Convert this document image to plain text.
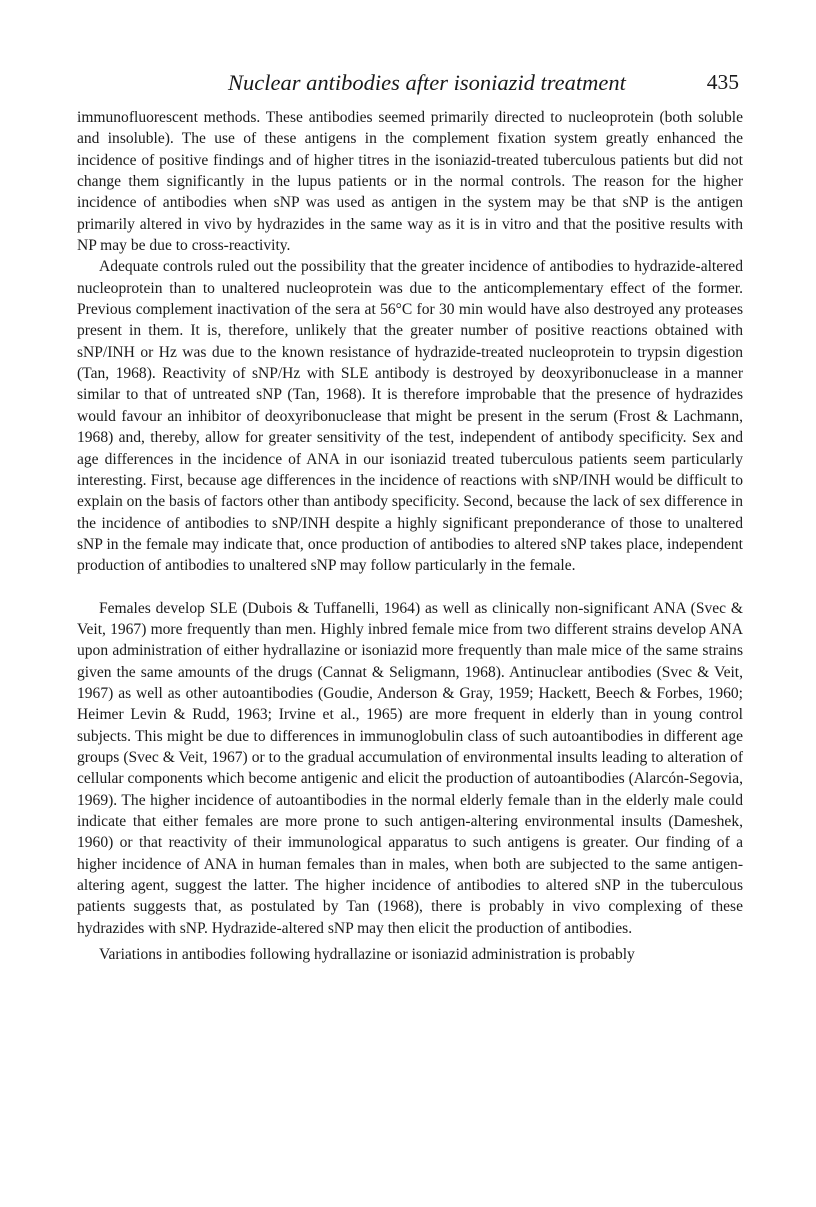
Nuclear antibodies after isoniazid treatment	435

immunofluorescent methods. These antibodies seemed primarily directed to nucleoprotein (both soluble and insoluble). The use of these antigens in the complement fixation system greatly enhanced the incidence of positive findings and of higher titres in the isoniazid-treated tuberculous patients but did not change them significantly in the lupus patients or in the normal controls. The reason for the higher incidence of antibodies when sNP was used as antigen in the system may be that sNP is the antigen primarily altered in vivo by hydrazides in the same way as it is in vitro and that the positive results with NP may be due to cross-reactivity.

Adequate controls ruled out the possibility that the greater incidence of antibodies to hydrazide-altered nucleoprotein than to unaltered nucleoprotein was due to the anticomplementary effect of the former. Previous complement inactivation of the sera at 56°C for 30 min would have also destroyed any proteases present in them. It is, therefore, unlikely that the greater number of positive reactions obtained with sNP/INH or Hz was due to the known resistance of hydrazide-treated nucleoprotein to trypsin digestion (Tan, 1968). Reactivity of sNP/Hz with SLE antibody is destroyed by deoxyribonuclease in a manner similar to that of untreated sNP (Tan, 1968). It is therefore improbable that the presence of hydrazides would favour an inhibitor of deoxyribonuclease that might be present in the serum (Frost & Lachmann, 1968) and, thereby, allow for greater sensitivity of the test, independent of antibody specificity. Sex and age differences in the incidence of ANA in our isoniazid treated tuberculous patients seem particularly interesting. First, because age differences in the incidence of reactions with sNP/INH would be difficult to explain on the basis of factors other than antibody specificity. Second, because the lack of sex difference in the incidence of antibodies to sNP/INH despite a highly significant preponderance of those to unaltered sNP in the female may indicate that, once production of antibodies to altered sNP takes place, independent production of antibodies to unaltered sNP may follow particularly in the female.

Females develop SLE (Dubois & Tuffanelli, 1964) as well as clinically non-significant ANA (Svec & Veit, 1967) more frequently than men. Highly inbred female mice from two different strains develop ANA upon administration of either hydrallazine or isoniazid more frequently than male mice of the same strains given the same amounts of the drugs (Cannat & Seligmann, 1968). Antinuclear antibodies (Svec & Veit, 1967) as well as other autoantibodies (Goudie, Anderson & Gray, 1959; Hackett, Beech & Forbes, 1960; Heimer Levin & Rudd, 1963; Irvine et al., 1965) are more frequent in elderly than in young control subjects. This might be due to differences in immunoglobulin class of such autoantibodies in different age groups (Svec & Veit, 1967) or to the gradual accumulation of environmental insults leading to alteration of cellular components which become antigenic and elicit the production of autoantibodies (Alarcón-Segovia, 1969). The higher incidence of autoantibodies in the normal elderly female than in the elderly male could indicate that either females are more prone to such antigen-altering environmental insults (Dameshek, 1960) or that reactivity of their immunological apparatus to such antigens is greater. Our finding of a higher incidence of ANA in human females than in males, when both are subjected to the same antigen-altering agent, suggest the latter. The higher incidence of antibodies to altered sNP in the tuberculous patients suggests that, as postulated by Tan (1968), there is probably in vivo complexing of these hydrazides with sNP. Hydrazide-altered sNP may then elicit the production of antibodies.

Variations in antibodies following hydrallazine or isoniazid administration is probably
